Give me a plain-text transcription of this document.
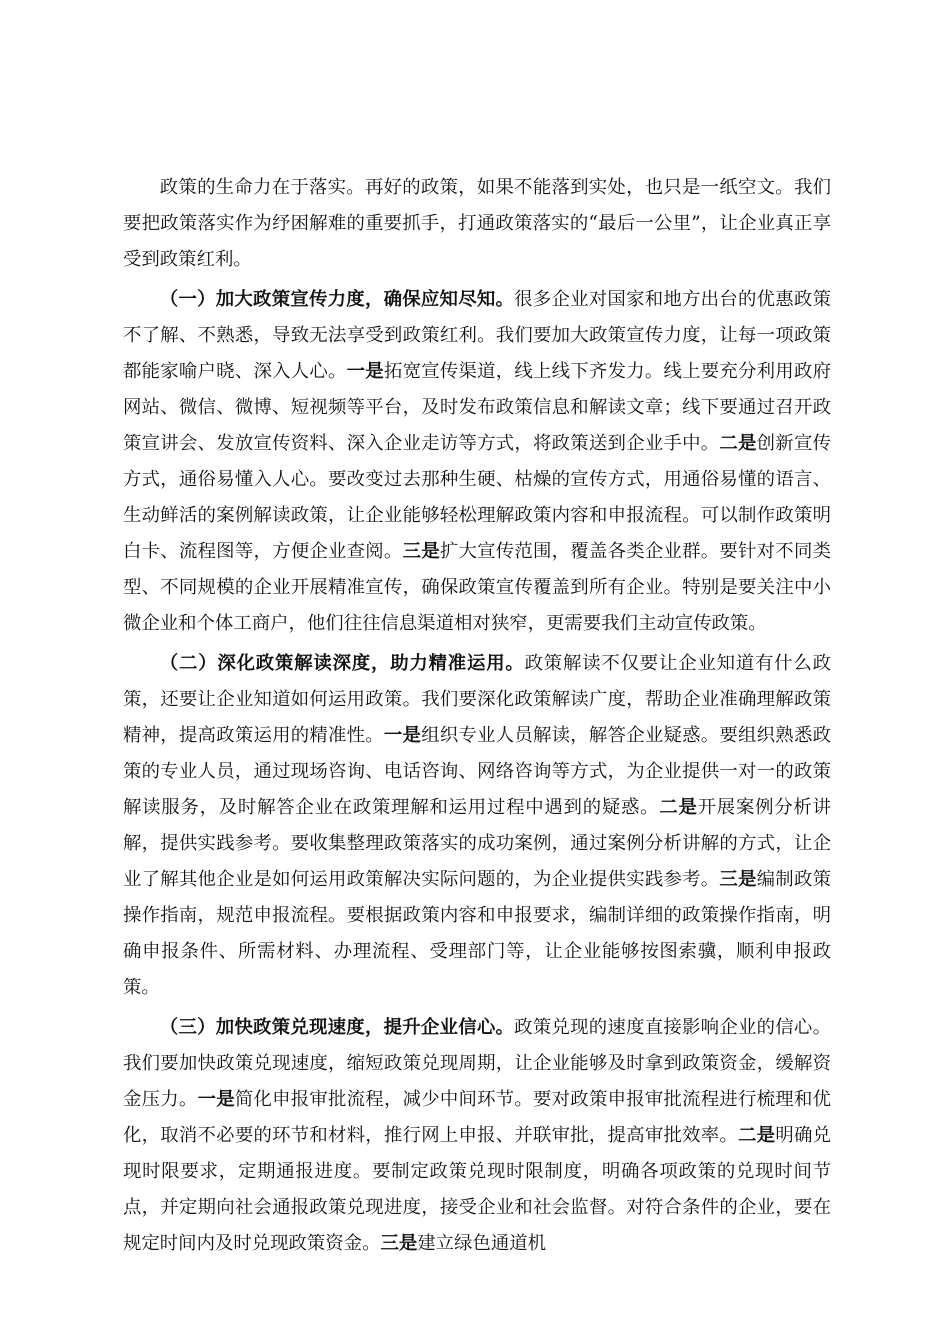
政策的生命力在于落实。再好的政策，如果不能落到实处，也只是一纸空文。我们要把政策落实作为纾困解难的重要抓手，打通政策落实的“最后一公里”，让企业真正享受到政策红利。

（一）加大政策宣传力度，确保应知尽知。很多企业对国家和地方出台的优惠政策不了解、不熟悉，导致无法享受到政策红利。我们要加大政策宣传力度，让每一项政策都能家喻户晓、深入人心。一是拓宽宣传渠道，线上线下齐发力。线上要充分利用政府网站、微信、微博、短视频等平台，及时发布政策信息和解读文章；线下要通过召开政策宣讲会、发放宣传资料、深入企业走访等方式，将政策送到企业手中。二是创新宣传方式，通俗易懂入人心。要改变过去那种生硬、枯燥的宣传方式，用通俗易懂的语言、生动鲜活的案例解读政策，让企业能够轻松理解政策内容和申报流程。可以制作政策明白卡、流程图等，方便企业查阅。三是扩大宣传范围，覆盖各类企业群。要针对不同类型、不同规模的企业开展精准宣传，确保政策宣传覆盖到所有企业。特别是要关注中小微企业和个体工商户，他们往往信息渠道相对狭窄，更需要我们主动宣传政策。

（二）深化政策解读深度，助力精准运用。政策解读不仅要让企业知道有什么政策，还要让企业知道如何运用政策。我们要深化政策解读广度，帮助企业准确理解政策精神，提高政策运用的精准性。一是组织专业人员解读，解答企业疑惑。要组织熟悉政策的专业人员，通过现场咨询、电话咨询、网络咨询等方式，为企业提供一对一的政策解读服务，及时解答企业在政策理解和运用过程中遇到的疑惑。二是开展案例分析讲解，提供实践参考。要收集整理政策落实的成功案例，通过案例分析讲解的方式，让企业了解其他企业是如何运用政策解决实际问题的，为企业提供实践参考。三是编制政策操作指南，规范申报流程。要根据政策内容和申报要求，编制详细的政策操作指南，明确申报条件、所需材料、办理流程、受理部门等，让企业能够按图索骥，顺利申报政策。

（三）加快政策兑现速度，提升企业信心。政策兑现的速度直接影响企业的信心。我们要加快政策兑现速度，缩短政策兑现周期，让企业能够及时拿到政策资金，缓解资金压力。一是简化申报审批流程，减少中间环节。要对政策申报审批流程进行梳理和优化，取消不必要的环节和材料，推行网上申报、并联审批，提高审批效率。二是明确兑现时限要求，定期通报进度。要制定政策兑现时限制度，明确各项政策的兑现时间节点，并定期向社会通报政策兑现进度，接受企业和社会监督。对符合条件的企业，要在规定时间内及时兑现政策资金。三是建立绿色通道机
